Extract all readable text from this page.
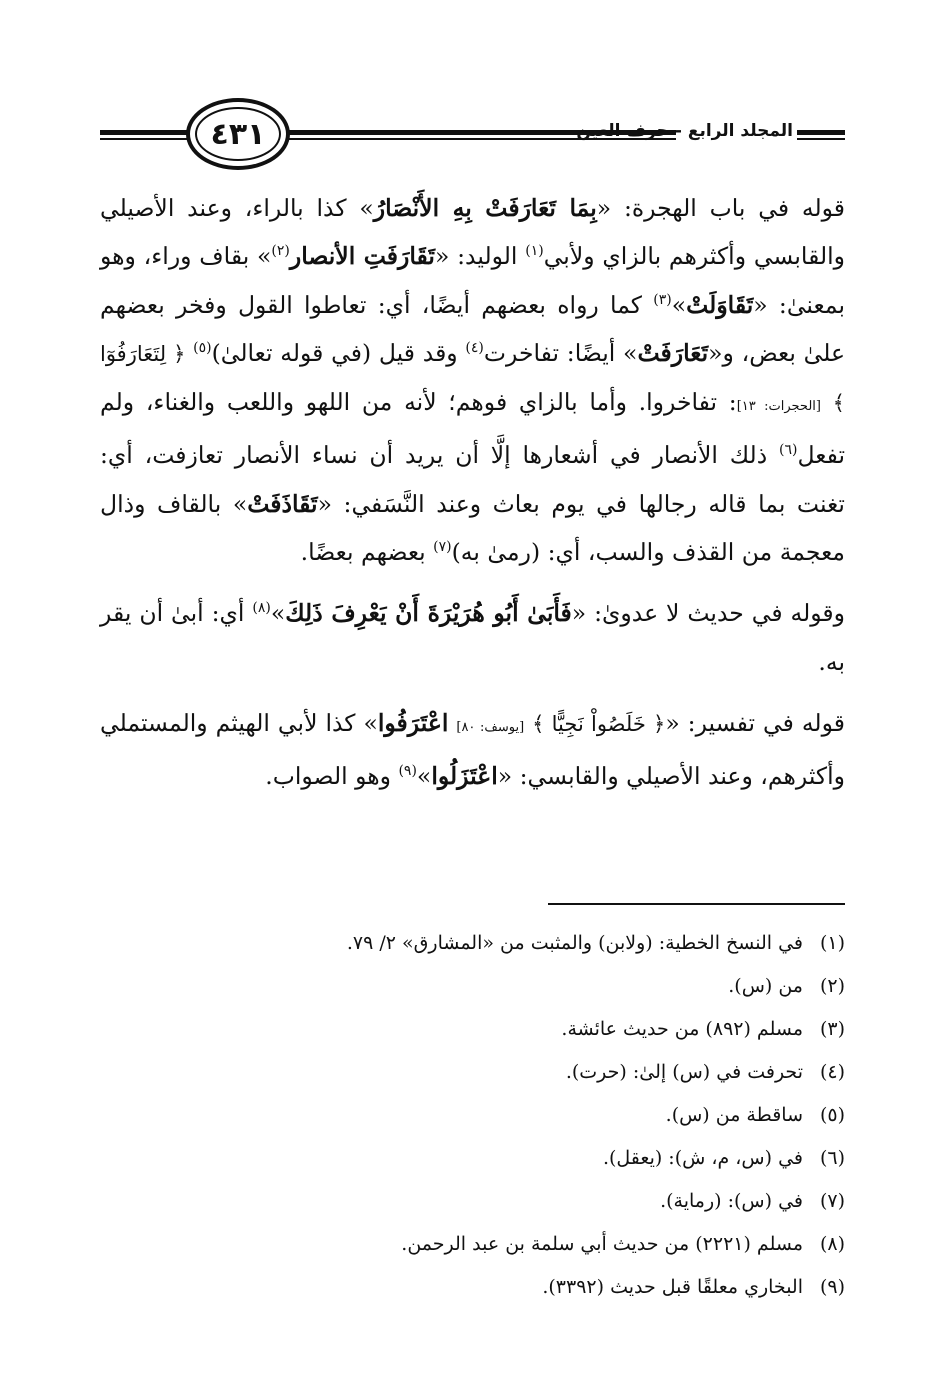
٤٣١	المجلد الرابع - حرف العين

قوله في باب الهجرة: «بِمَا تَعَارَفَتْ بِهِ الأَنْصَارُ» كذا بالراء، وعند الأصيلي والقابسي وأكثرهم بالزاي ولأبي$^{(١)}$ الوليد: «تَقَارَفَتِ الأنصار$^{(٢)}$» بقاف وراء، وهو بمعنىٰ: «تَقَاوَلَتْ»$^{(٣)}$ كما رواه بعضهم أيضًا، أي: تعاطوا القول وفخر بعضهم علىٰ بعض، و«تَعَارَفَتْ» أيضًا: تفاخرت$^{(٤)}$ وقد قيل (في قوله تعالىٰ)$^{(٥)}$ ﴿ لِتَعَارَفُوٓا ﴾ [الحجرات: ١٣]: تفاخروا. وأما بالزاي فوهم؛ لأنه من اللهو واللعب والغناء، ولم تفعل$^{(٦)}$ ذلك الأنصار في أشعارها إلَّا أن يريد أن نساء الأنصار تعازفت، أي: تغنت بما قاله رجالها في يوم بعاث وعند النَّسَفي: «تَقَاذَفَتْ» بالقاف وذال معجمة من القذف والسب، أي: (رمىٰ به)$^{(٧)}$ بعضهم بعضًا.

وقوله في حديث لا عدوىٰ: «فَأَبَىٰ أَبُو هُرَيْرَةَ أَنْ يَعْرِفَ ذَلِكَ»$^{(٨)}$ أي: أبىٰ أن يقر به.

قوله في تفسير: «﴿ خَلَصُواْ نَجِيًّا ﴾ [يوسف: ٨٠] اعْتَرَفُوا» كذا لأبي الهيثم والمستملي وأكثرهم، وعند الأصيلي والقابسي: «اعْتَزَلُوا»$^{(٩)}$ وهو الصواب.

(١)
في النسخ الخطية: (ولابن) والمثبت من «المشارق» ٢/ ٧٩.
(٢)
من (س).
(٣)
مسلم (٨٩٢) من حديث عائشة.
(٤)
تحرفت في (س) إلىٰ: (حرت).
(٥)
ساقطة من (س).
(٦)
في (س، م، ش): (يعقل).
(٧)
في (س): (رماية).
(٨)
مسلم (٢٢٢١) من حديث أبي سلمة بن عبد الرحمن.
(٩)
البخاري معلقًا قبل حديث (٣٣٩٢).
